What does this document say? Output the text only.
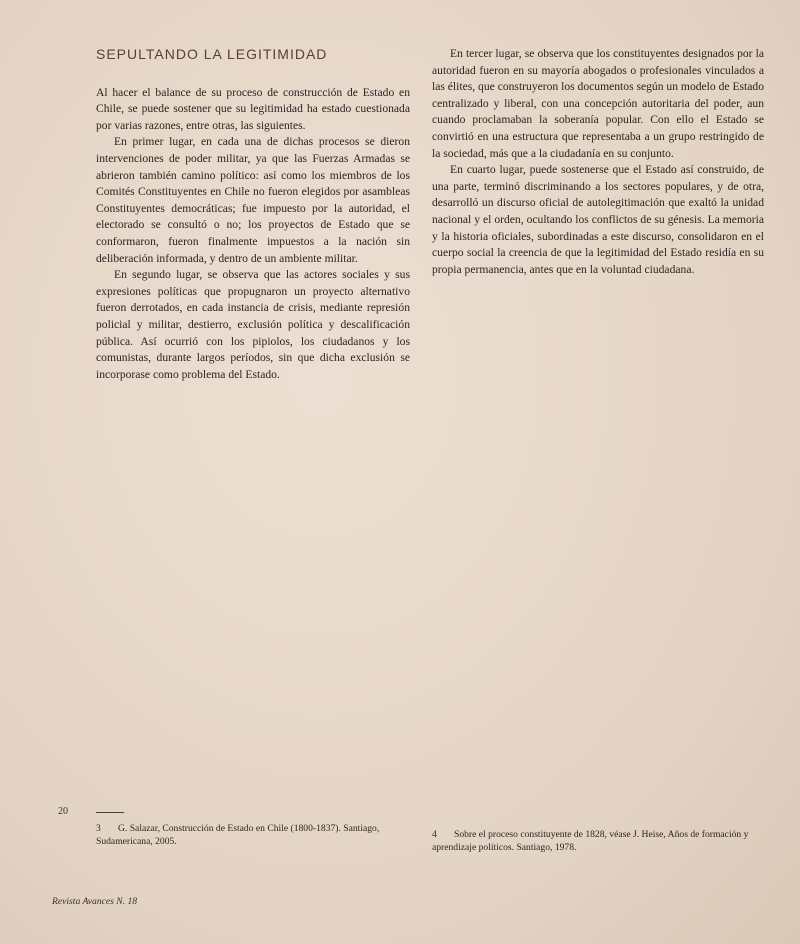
SEPULTANDO LA LEGITIMIDAD

Al hacer el balance de su proceso de construcción de Estado en Chile, se puede sostener que su legitimidad ha estado cuestionada por varias razones, entre otras, las siguientes.

En primer lugar, en cada una de dichas procesos se dieron intervenciones de poder militar, ya que las Fuerzas Armadas se abrieron también camino político: así como los miembros de los Comités Constituyentes en Chile no fueron elegidos por asambleas Constituyentes democráticas; fue impuesto por la autoridad, el electorado se consultó o no; los proyectos de Estado que se conformaron, fueron finalmente impuestos a la nación sin deliberación informada, y dentro de un ambiente militar.

En segundo lugar, se observa que las actores sociales y sus expresiones políticas que propugnaron un proyecto alternativo fueron derrotados, en cada instancia de crisis, mediante represión policial y militar, destierro, exclusión política y descalificación pública. Así ocurrió con los pipiolos, los ciudadanos y los comunistas, durante largos períodos, sin que dicha exclusión se incorporase como problema del Estado.

En tercer lugar, se observa que los constituyentes designados por la autoridad fueron en su mayoría abogados o profesionales vinculados a las élites, que construyeron los documentos según un modelo de Estado centralizado y liberal, con una concepción autoritaria del poder, aun cuando proclamaban la soberanía popular. Con ello el Estado se convirtió en una estructura que representaba a un grupo restringido de la sociedad, más que a la ciudadanía en su conjunto.

En cuarto lugar, puede sostenerse que el Estado así construido, de una parte, terminó discriminando a los sectores populares, y de otra, desarrolló un discurso oficial de autolegitimación que exaltó la unidad nacional y el orden, ocultando los conflictos de su génesis. La memoria y la historia oficiales, subordinadas a este discurso, consolidaron en el cuerpo social la creencia de que la legitimidad del Estado residía en su propia permanencia, antes que en la voluntad ciudadana.

20
3 G. Salazar, Construcción de Estado en Chile (1800-1837). Santiago, Sudamericana, 2005.
4 Sobre el proceso constituyente de 1828, véase J. Heise, Años de formación y aprendizaje políticos. Santiago, 1978.
Revista Avances N. 18
